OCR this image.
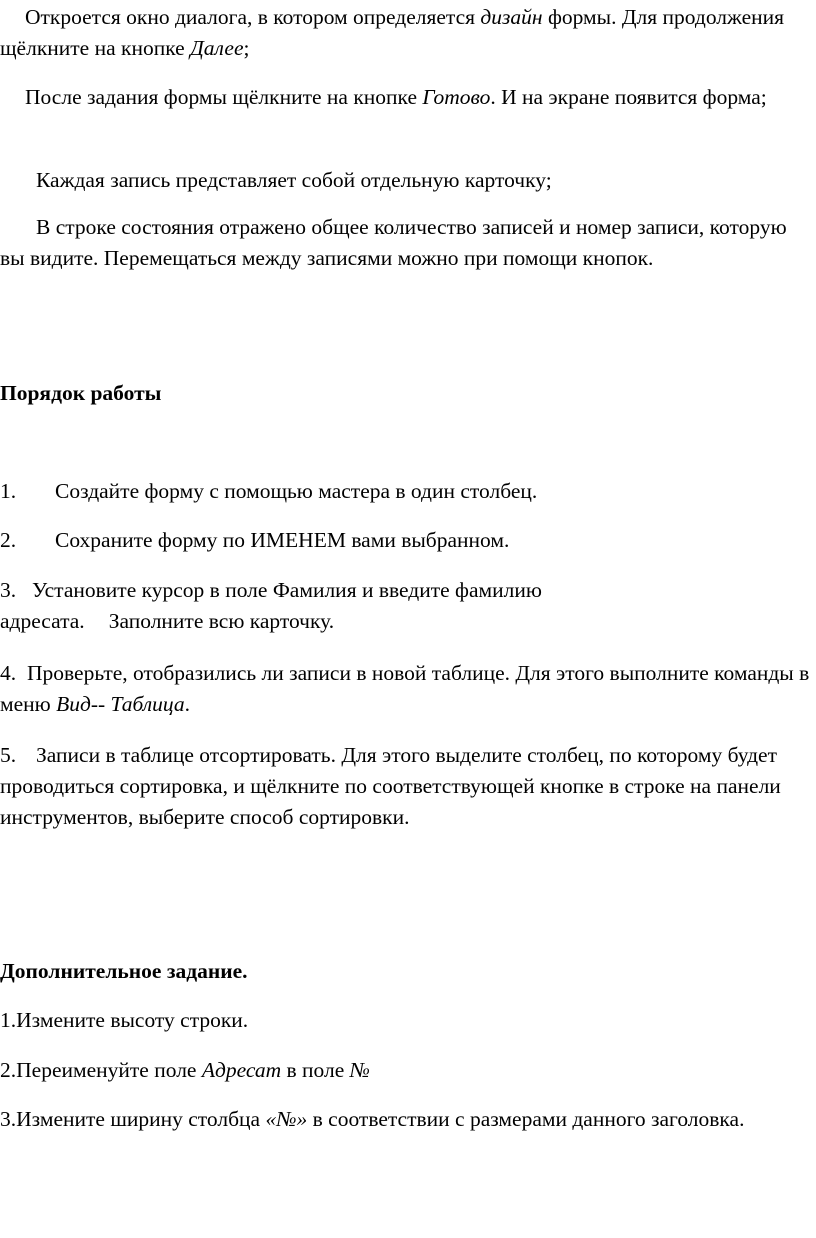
Откроется окно диалога, в котором определяется дизайн формы. Для продолжения щёлкните на кнопке Далее;

После задания формы щёлкните на кнопке Готово. И на экране появится форма;

Каждая запись представляет собой отдельную карточку;

В строке состояния отражено общее количество записей и номер записи, которую вы видите. Перемещаться между записями можно при помощи кнопок.

Порядок работы

1. Создайте форму с помощью мастера в один столбец.

2. Сохраните форму по ИМЕНЕМ вами выбранном.

3. Установите курсор в поле Фамилия и введите фамилию
адресата. Заполните всю карточку.

4. Проверьте, отобразились ли записи в новой таблице. Для этого выполните команды в меню Вид-- Таблица.

5. Записи в таблице отсортировать. Для этого выделите столбец, по которому будет проводиться сортировка, и щёлкните по соответствующей кнопке в строке на панели инструментов, выберите способ сортировки.

Дополнительное задание.

1.Измените высоту строки.

2.Переименуйте поле Адресат в поле №

3.Измените ширину столбца «№» в соответствии с размерами данного заголовка.
